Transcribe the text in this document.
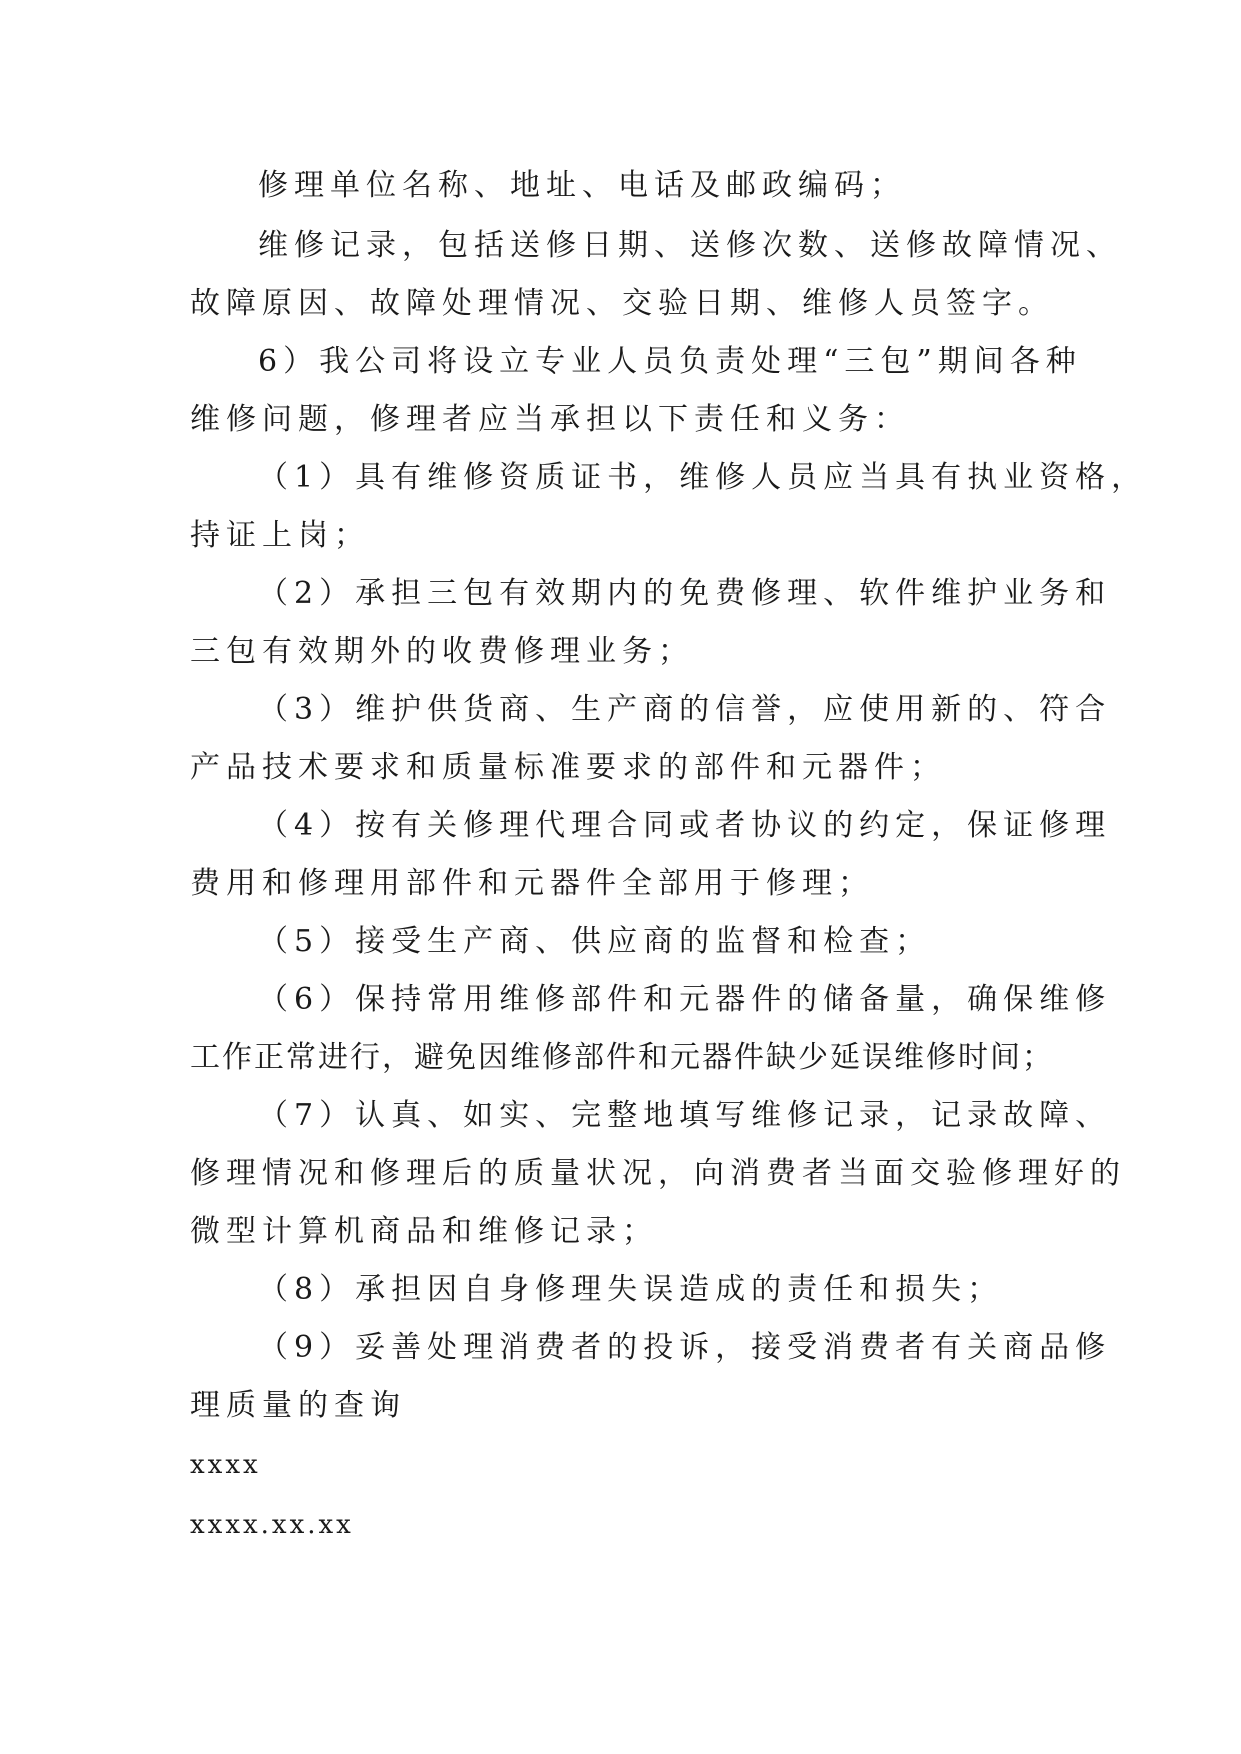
修理单位名称、地址、电话及邮政编码；
维修记录，包括送修日期、送修次数、送修故障情况、
故障原因、故障处理情况、交验日期、维修人员签字。
6）我公司将设立专业人员负责处理“三包”期间各种
维修问题，修理者应当承担以下责任和义务：
（1）具有维修资质证书，维修人员应当具有执业资格，
持证上岗；
（2）承担三包有效期内的免费修理、软件维护业务和
三包有效期外的收费修理业务；
（3）维护供货商、生产商的信誉，应使用新的、符合
产品技术要求和质量标准要求的部件和元器件；
（4）按有关修理代理合同或者协议的约定，保证修理
费用和修理用部件和元器件全部用于修理；
（5）接受生产商、供应商的监督和检查；
（6）保持常用维修部件和元器件的储备量，确保维修
工作正常进行，避免因维修部件和元器件缺少延误维修时间；
（7）认真、如实、完整地填写维修记录，记录故障、
修理情况和修理后的质量状况，向消费者当面交验修理好的
微型计算机商品和维修记录；
（8）承担因自身修理失误造成的责任和损失；
（9）妥善处理消费者的投诉，接受消费者有关商品修
理质量的查询
xxxx
xxxx.xx.xx
